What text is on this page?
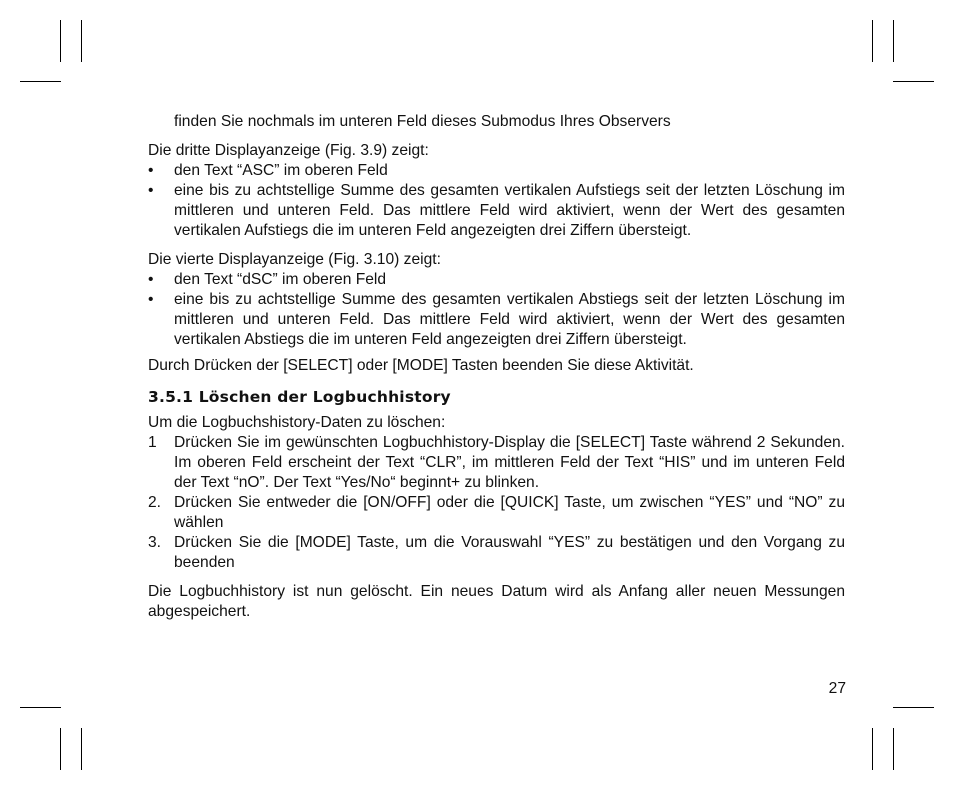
finden Sie nochmals im unteren Feld dieses Submodus Ihres Observers

Die dritte Displayanzeige (Fig. 3.9) zeigt:

• den Text “ASC” im oberen Feld
• eine bis zu achtstellige Summe des gesamten vertikalen Aufstiegs seit der letzten Löschung im mittleren und unteren Feld. Das mittlere Feld wird aktiviert, wenn der Wert des gesamten vertikalen Aufstiegs die im unteren Feld angezeigten drei Ziffern übersteigt.

Die vierte Displayanzeige (Fig. 3.10) zeigt:

• den Text “dSC” im oberen Feld
• eine bis zu achtstellige Summe des gesamten vertikalen Abstiegs seit der letzten Löschung im mittleren und unteren Feld. Das mittlere Feld wird aktiviert, wenn der Wert des gesamten vertikalen Abstiegs die im unteren Feld angezeigten drei Ziffern übersteigt.

Durch Drücken der [SELECT] oder [MODE] Tasten beenden Sie diese Aktivität.

3.5.1 Löschen der Logbuchhistory

Um die Logbuchshistory-Daten zu löschen:

1 Drücken Sie im gewünschten Logbuchhistory-Display die [SELECT] Taste während 2 Sekunden. Im oberen Feld erscheint der Text “CLR”, im mittleren Feld der Text “HIS” und im unteren Feld der Text “nO”. Der Text “Yes/No“ beginnt+ zu blinken.
2. Drücken Sie entweder die [ON/OFF] oder die [QUICK] Taste, um zwischen “YES” und “NO” zu wählen
3. Drücken Sie die [MODE] Taste, um die Vorauswahl “YES” zu bestätigen und den Vorgang zu beenden

Die Logbuchhistory ist nun gelöscht. Ein neues Datum wird als Anfang aller neuen Messungen abgespeichert.

27
